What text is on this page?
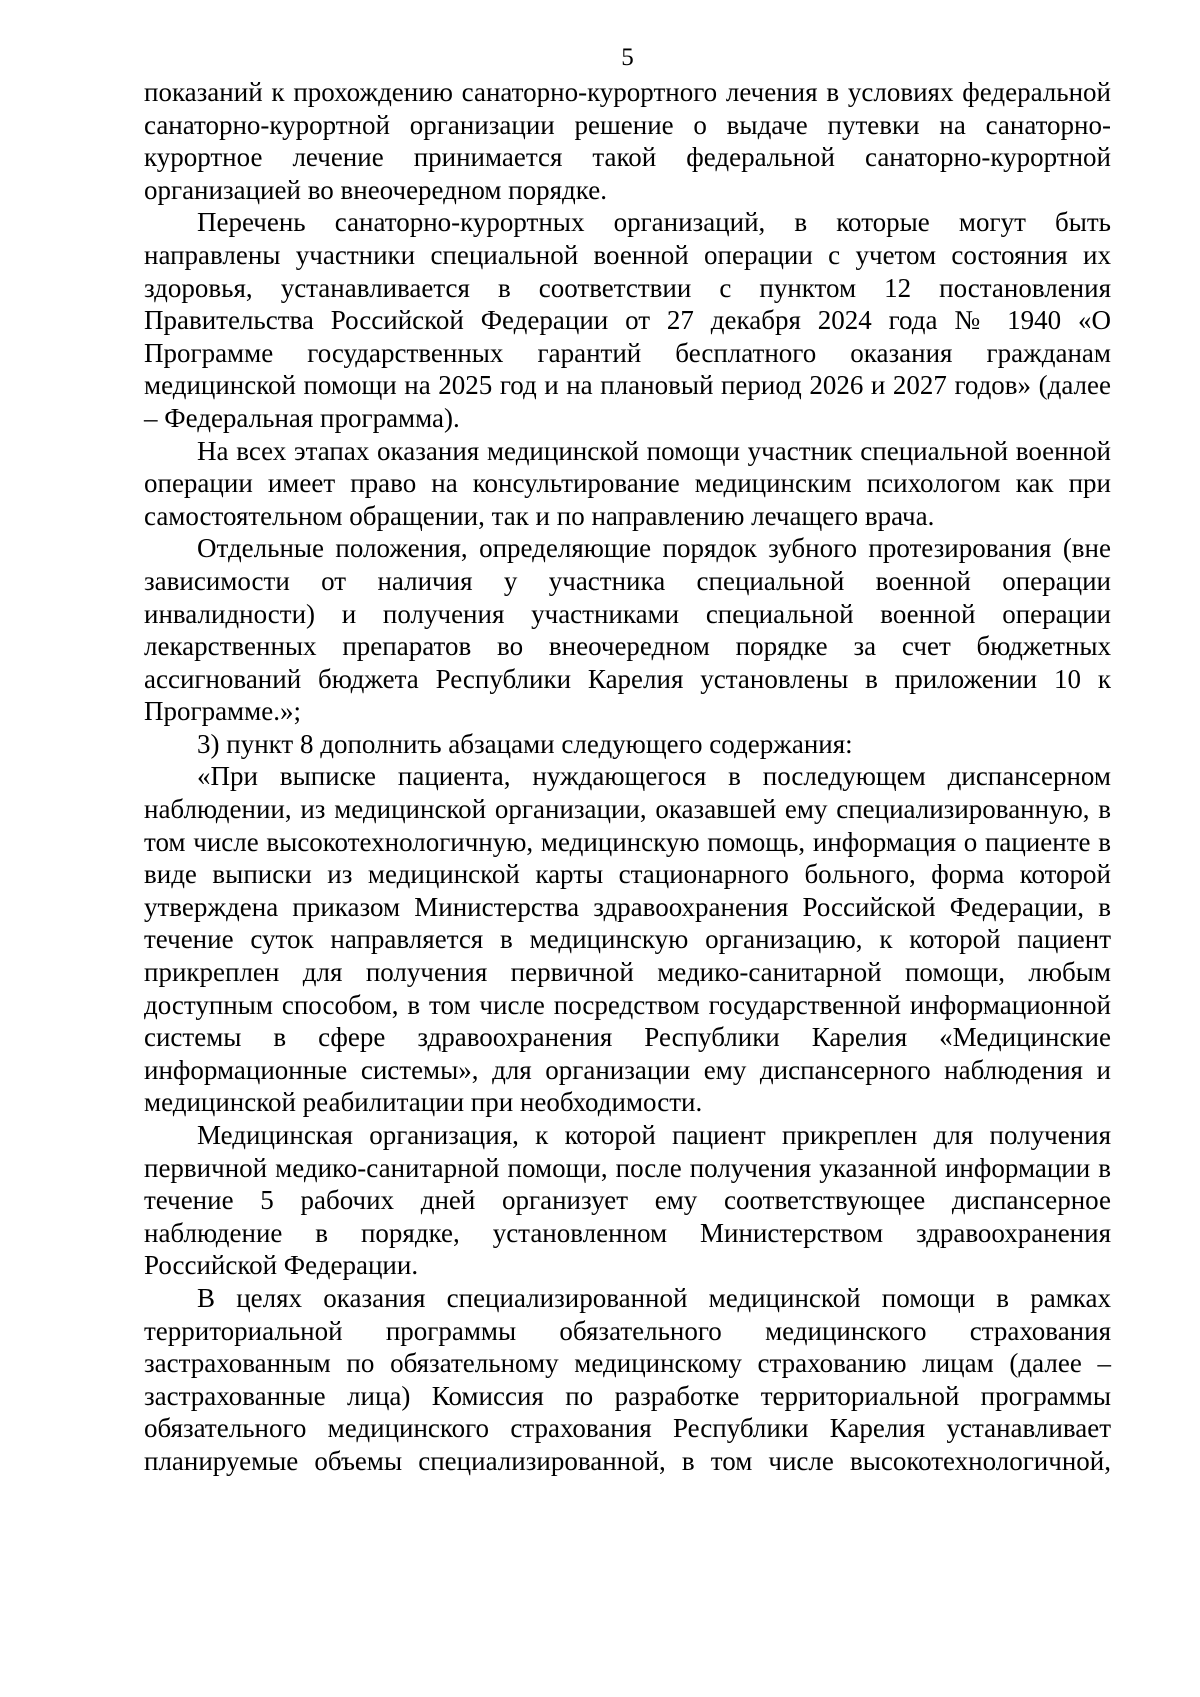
5

показаний к прохождению санаторно-курортного лечения в условиях федеральной санаторно-курортной организации решение о выдаче путевки на санаторно-курортное лечение принимается такой федеральной санаторно-курортной организацией во внеочередном порядке.

Перечень санаторно-курортных организаций, в которые могут быть направлены участники специальной военной операции с учетом состояния их здоровья, устанавливается в соответствии с пунктом 12 постановления Правительства Российской Федерации от 27 декабря 2024 года № 1940 «О Программе государственных гарантий бесплатного оказания гражданам медицинской помощи на 2025 год и на плановый период 2026 и 2027 годов» (далее – Федеральная программа).

На всех этапах оказания медицинской помощи участник специальной военной операции имеет право на консультирование медицинским психологом как при самостоятельном обращении, так и по направлению лечащего врача.

Отдельные положения, определяющие порядок зубного протезирования (вне зависимости от наличия у участника специальной военной операции инвалидности) и получения участниками специальной военной операции лекарственных препаратов во внеочередном порядке за счет бюджетных ассигнований бюджета Республики Карелия установлены в приложении 10 к Программе.»;

3) пункт 8 дополнить абзацами следующего содержания:

«При выписке пациента, нуждающегося в последующем диспансерном наблюдении, из медицинской организации, оказавшей ему специализированную, в том числе высокотехнологичную, медицинскую помощь, информация о пациенте в виде выписки из медицинской карты стационарного больного, форма которой утверждена приказом Министерства здравоохранения Российской Федерации, в течение суток направляется в медицинскую организацию, к которой пациент прикреплен для получения первичной медико-санитарной помощи, любым доступным способом, в том числе посредством государственной информационной системы в сфере здравоохранения Республики Карелия «Медицинские информационные системы», для организации ему диспансерного наблюдения и медицинской реабилитации при необходимости.

Медицинская организация, к которой пациент прикреплен для получения первичной медико-санитарной помощи, после получения указанной информации в течение 5 рабочих дней организует ему соответствующее диспансерное наблюдение в порядке, установленном Министерством здравоохранения Российской Федерации.

В целях оказания специализированной медицинской помощи в рамках территориальной программы обязательного медицинского страхования застрахованным по обязательному медицинскому страхованию лицам (далее – застрахованные лица) Комиссия по разработке территориальной программы обязательного медицинского страхования Республики Карелия устанавливает планируемые объемы специализированной, в том числе высокотехнологичной,
